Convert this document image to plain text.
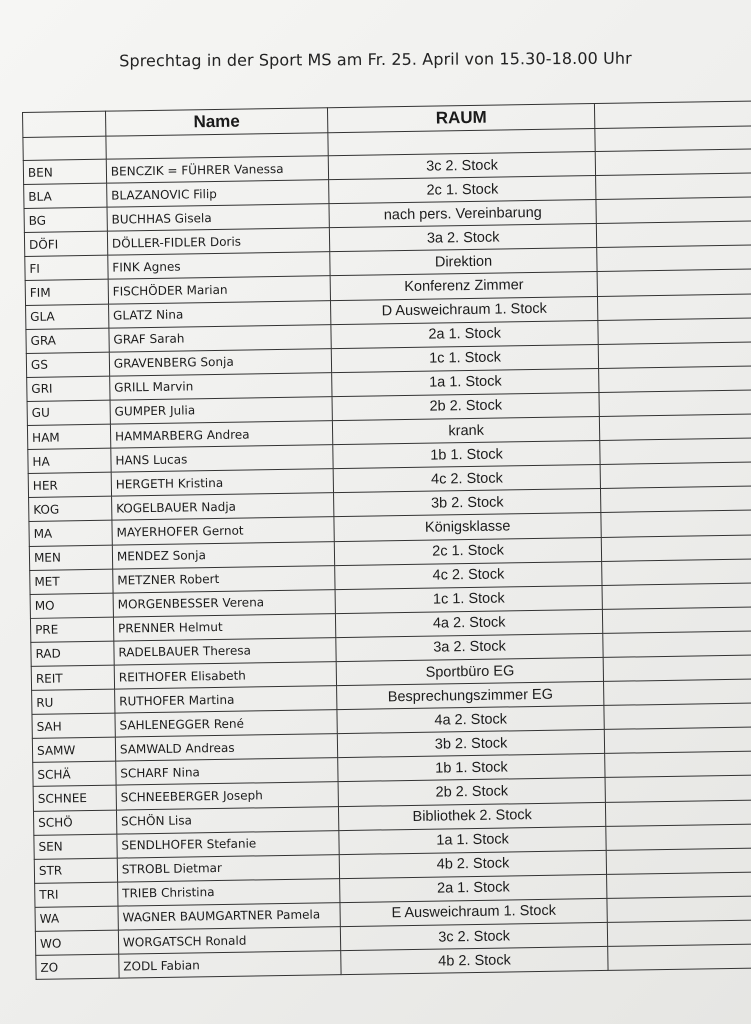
Sprechtag in der Sport MS am Fr. 25. April von 15.30-18.00 Uhr
	Name	RAUM	

BEN	BENCZIK = FÜHRER Vanessa	3c 2. Stock	
BLA	BLAZANOVIC Filip	2c 1. Stock	
BG	BUCHHAS Gisela	nach pers. Vereinbarung	
DÖFI	DÖLLER-FIDLER Doris	3a 2. Stock	
FI	FINK Agnes	Direktion	
FIM	FISCHÖDER Marian	Konferenz Zimmer	
GLA	GLATZ Nina	D Ausweichraum 1. Stock	
GRA	GRAF Sarah	2a 1. Stock	
GS	GRAVENBERG Sonja	1c 1. Stock	
GRI	GRILL Marvin	1a 1. Stock	
GU	GUMPER Julia	2b 2. Stock	
HAM	HAMMARBERG Andrea	krank	
HA	HANS Lucas	1b 1. Stock	
HER	HERGETH Kristina	4c 2. Stock	
KOG	KOGELBAUER Nadja	3b 2. Stock	
MA	MAYERHOFER Gernot	Königsklasse	
MEN	MENDEZ Sonja	2c 1. Stock	
MET	METZNER Robert	4c 2. Stock	
MO	MORGENBESSER Verena	1c 1. Stock	
PRE	PRENNER Helmut	4a 2. Stock	
RAD	RADELBAUER Theresa	3a 2. Stock	
REIT	REITHOFER Elisabeth	Sportbüro EG	
RU	RUTHOFER Martina	Besprechungszimmer EG	
SAH	SAHLENEGGER René	4a 2. Stock	
SAMW	SAMWALD Andreas	3b 2. Stock	
SCHÄ	SCHARF Nina	1b 1. Stock	
SCHNEE	SCHNEEBERGER Joseph	2b 2. Stock	
SCHÖ	SCHÖN Lisa	Bibliothek 2. Stock	
SEN	SENDLHOFER Stefanie	1a 1. Stock	
STR	STROBL Dietmar	4b 2. Stock	
TRI	TRIEB Christina	2a 1. Stock	
WA	WAGNER BAUMGARTNER Pamela	E Ausweichraum 1. Stock	
WO	WORGATSCH Ronald	3c 2. Stock	
ZO	ZODL Fabian	4b 2. Stock	
